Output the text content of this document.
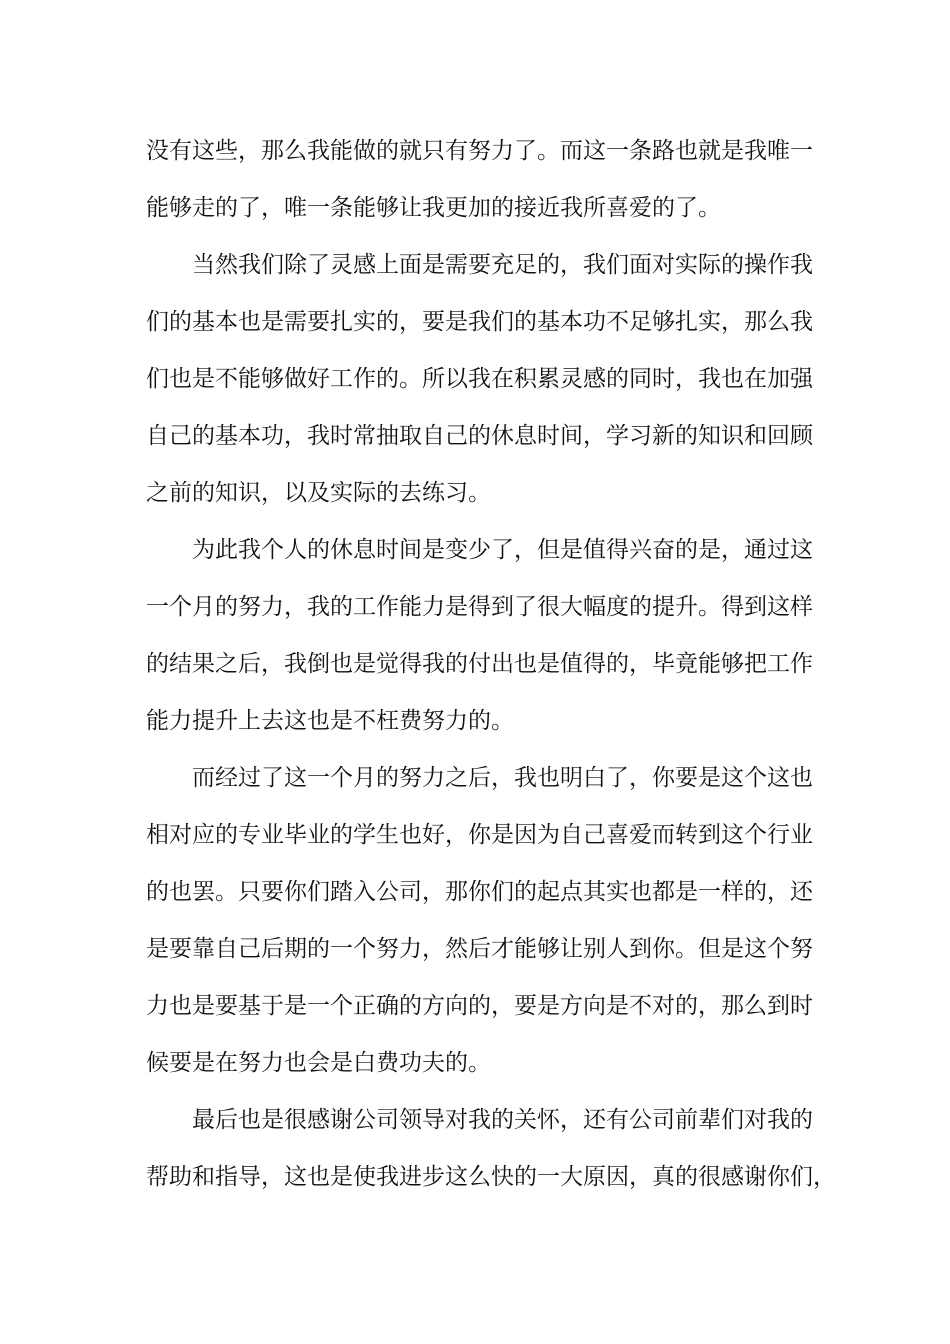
没有这些，那么我能做的就只有努力了。而这一条路也就是我唯一
能够走的了，唯一条能够让我更加的接近我所喜爱的了。
当然我们除了灵感上面是需要充足的，我们面对实际的操作我
们的基本也是需要扎实的，要是我们的基本功不足够扎实，那么我
们也是不能够做好工作的。所以我在积累灵感的同时，我也在加强
自己的基本功，我时常抽取自己的休息时间，学习新的知识和回顾
之前的知识，以及实际的去练习。
为此我个人的休息时间是变少了，但是值得兴奋的是，通过这
一个月的努力，我的工作能力是得到了很大幅度的提升。得到这样
的结果之后，我倒也是觉得我的付出也是值得的，毕竟能够把工作
能力提升上去这也是不枉费努力的。
而经过了这一个月的努力之后，我也明白了，你要是这个这也
相对应的专业毕业的学生也好，你是因为自己喜爱而转到这个行业
的也罢。只要你们踏入公司，那你们的起点其实也都是一样的，还
是要靠自己后期的一个努力，然后才能够让别人到你。但是这个努
力也是要基于是一个正确的方向的，要是方向是不对的，那么到时
候要是在努力也会是白费功夫的。
最后也是很感谢公司领导对我的关怀，还有公司前辈们对我的
帮助和指导，这也是使我进步这么快的一大原因，真的很感谢你们，
